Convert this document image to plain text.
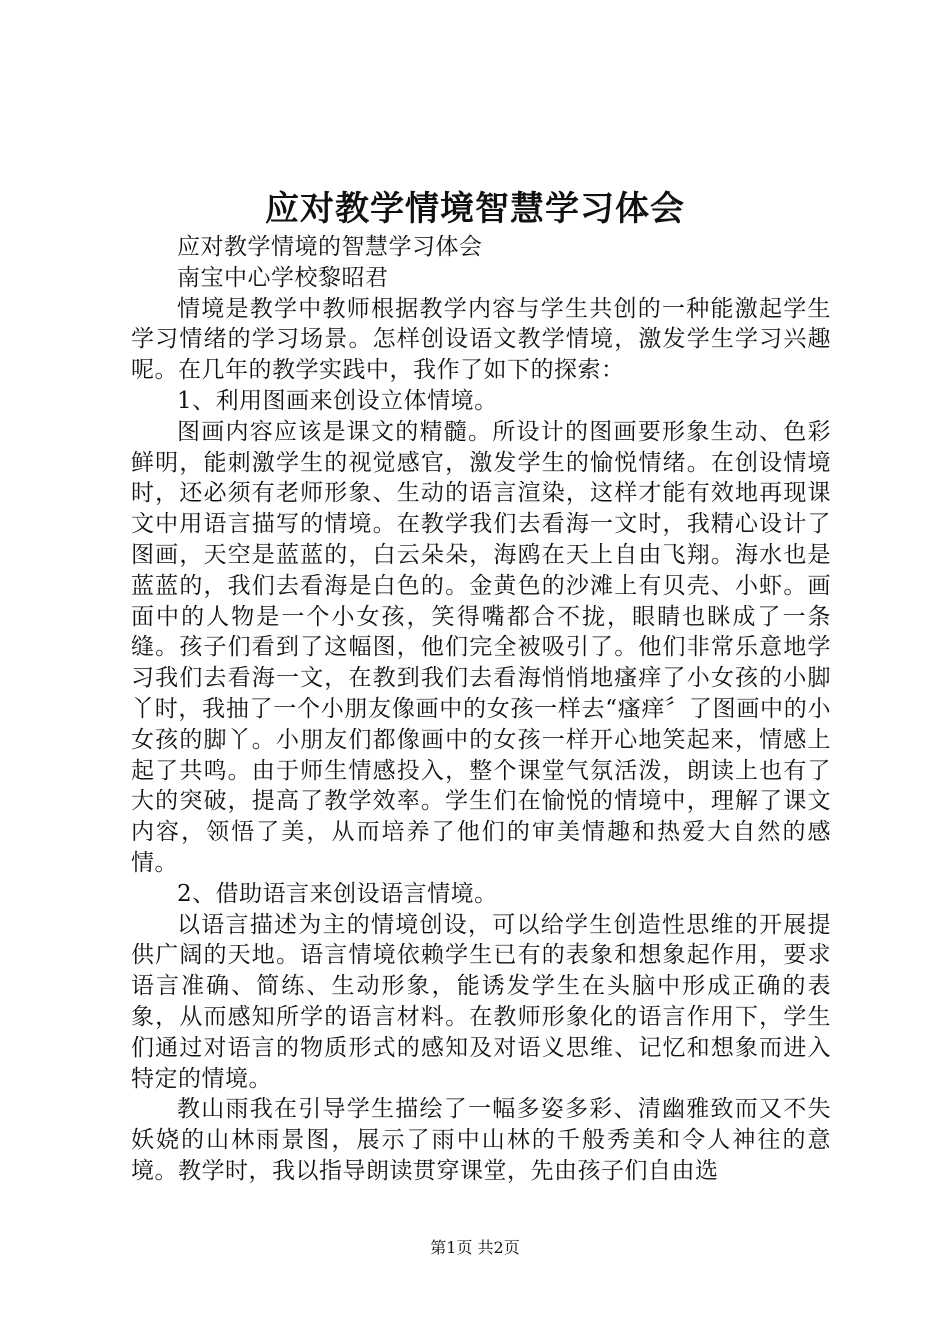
应对教学情境智慧学习体会

应对教学情境的智慧学习体会

南宝中心学校黎昭君

情境是教学中教师根据教学内容与学生共创的一种能激起学生学习情绪的学习场景。怎样创设语文教学情境，激发学生学习兴趣呢。在几年的教学实践中，我作了如下的探索：

1、利用图画来创设立体情境。

图画内容应该是课文的精髓。所设计的图画要形象生动、色彩鲜明，能刺激学生的视觉感官，激发学生的愉悦情绪。在创设情境时，还必须有老师形象、生动的语言渲染，这样才能有效地再现课文中用语言描写的情境。在教学我们去看海一文时，我精心设计了图画，天空是蓝蓝的，白云朵朵，海鸥在天上自由飞翔。海水也是蓝蓝的，我们去看海是白色的。金黄色的沙滩上有贝壳、小虾。画面中的人物是一个小女孩，笑得嘴都合不拢，眼睛也眯成了一条缝。孩子们看到了这幅图，他们完全被吸引了。他们非常乐意地学习我们去看海一文，在教到我们去看海悄悄地瘙痒了小女孩的小脚丫时，我抽了一个小朋友像画中的女孩一样去“瘙痒〞了图画中的小女孩的脚丫。小朋友们都像画中的女孩一样开心地笑起来，情感上起了共鸣。由于师生情感投入，整个课堂气氛活泼，朗读上也有了大的突破，提高了教学效率。学生们在愉悦的情境中，理解了课文内容，领悟了美，从而培养了他们的审美情趣和热爱大自然的感情。

2、借助语言来创设语言情境。

以语言描述为主的情境创设，可以给学生创造性思维的开展提供广阔的天地。语言情境依赖学生已有的表象和想象起作用，要求语言准确、简练、生动形象，能诱发学生在头脑中形成正确的表象，从而感知所学的语言材料。在教师形象化的语言作用下，学生们通过对语言的物质形式的感知及对语义思维、记忆和想象而进入特定的情境。

教山雨我在引导学生描绘了一幅多姿多彩、清幽雅致而又不失妖娆的山林雨景图，展示了雨中山林的千般秀美和令人神往的意境。教学时，我以指导朗读贯穿课堂，先由孩子们自由选

第1页 共2页
